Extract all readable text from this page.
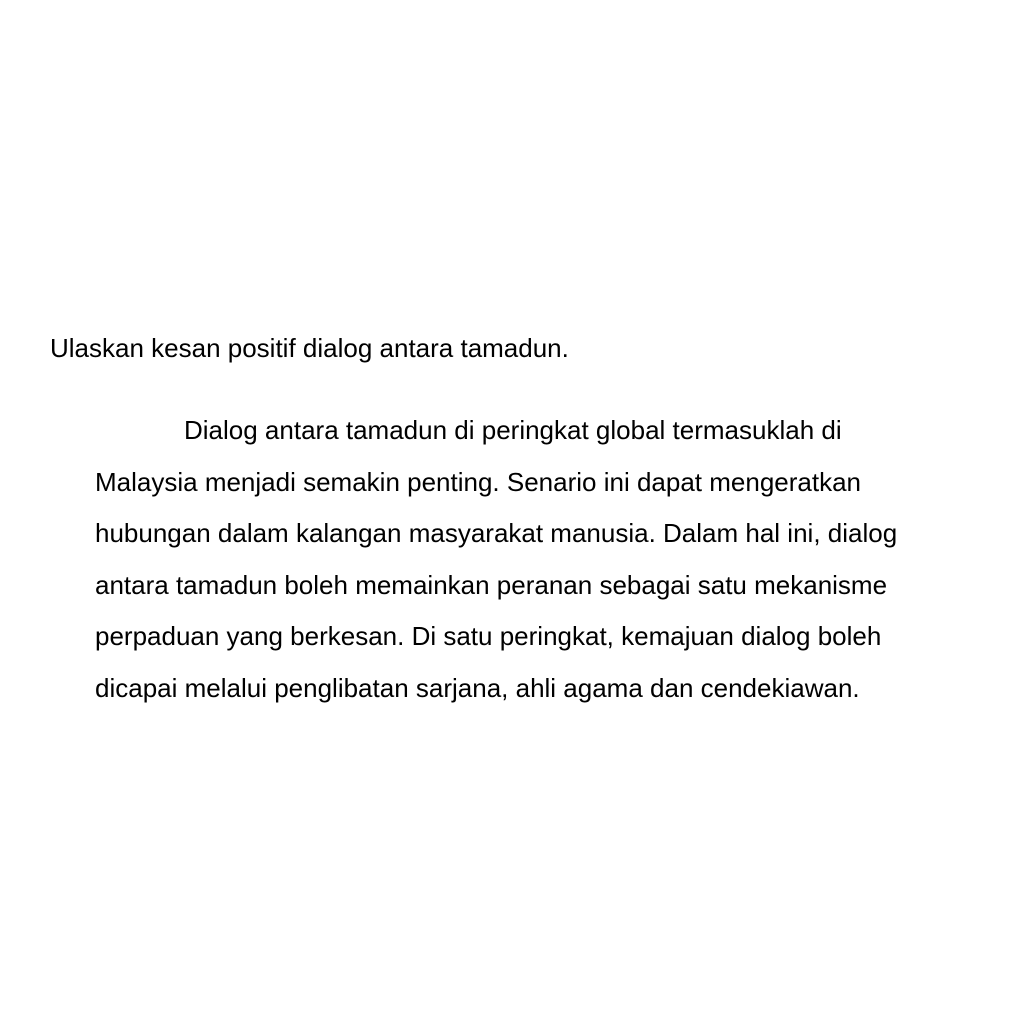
Ulaskan kesan positif dialog antara tamadun.

Dialog antara tamadun di peringkat global termasuklah di
Malaysia menjadi semakin penting. Senario ini dapat mengeratkan
hubungan dalam kalangan masyarakat manusia. Dalam hal ini, dialog
antara tamadun boleh memainkan peranan sebagai satu mekanisme
perpaduan yang berkesan. Di satu peringkat, kemajuan dialog boleh
dicapai melalui penglibatan sarjana, ahli agama dan cendekiawan.
